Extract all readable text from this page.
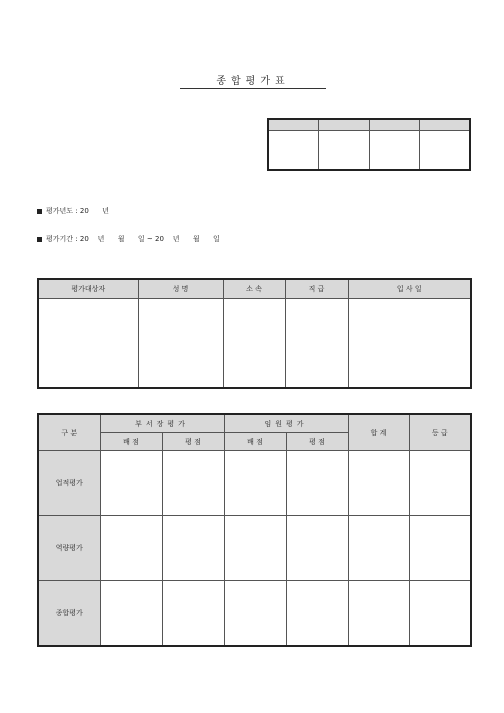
종합평가표

평가년도 : 20 년
평가기간 : 20    년      월      일 ~ 20    년      월      일
평가대상자	성 명	소 속	직 급	입 사 일

구 분	부서장평가		임원평가		합 계	등 급
	배 점	평 점	배 점	평 점		
업적평가						
역량평가						
종합평가						
